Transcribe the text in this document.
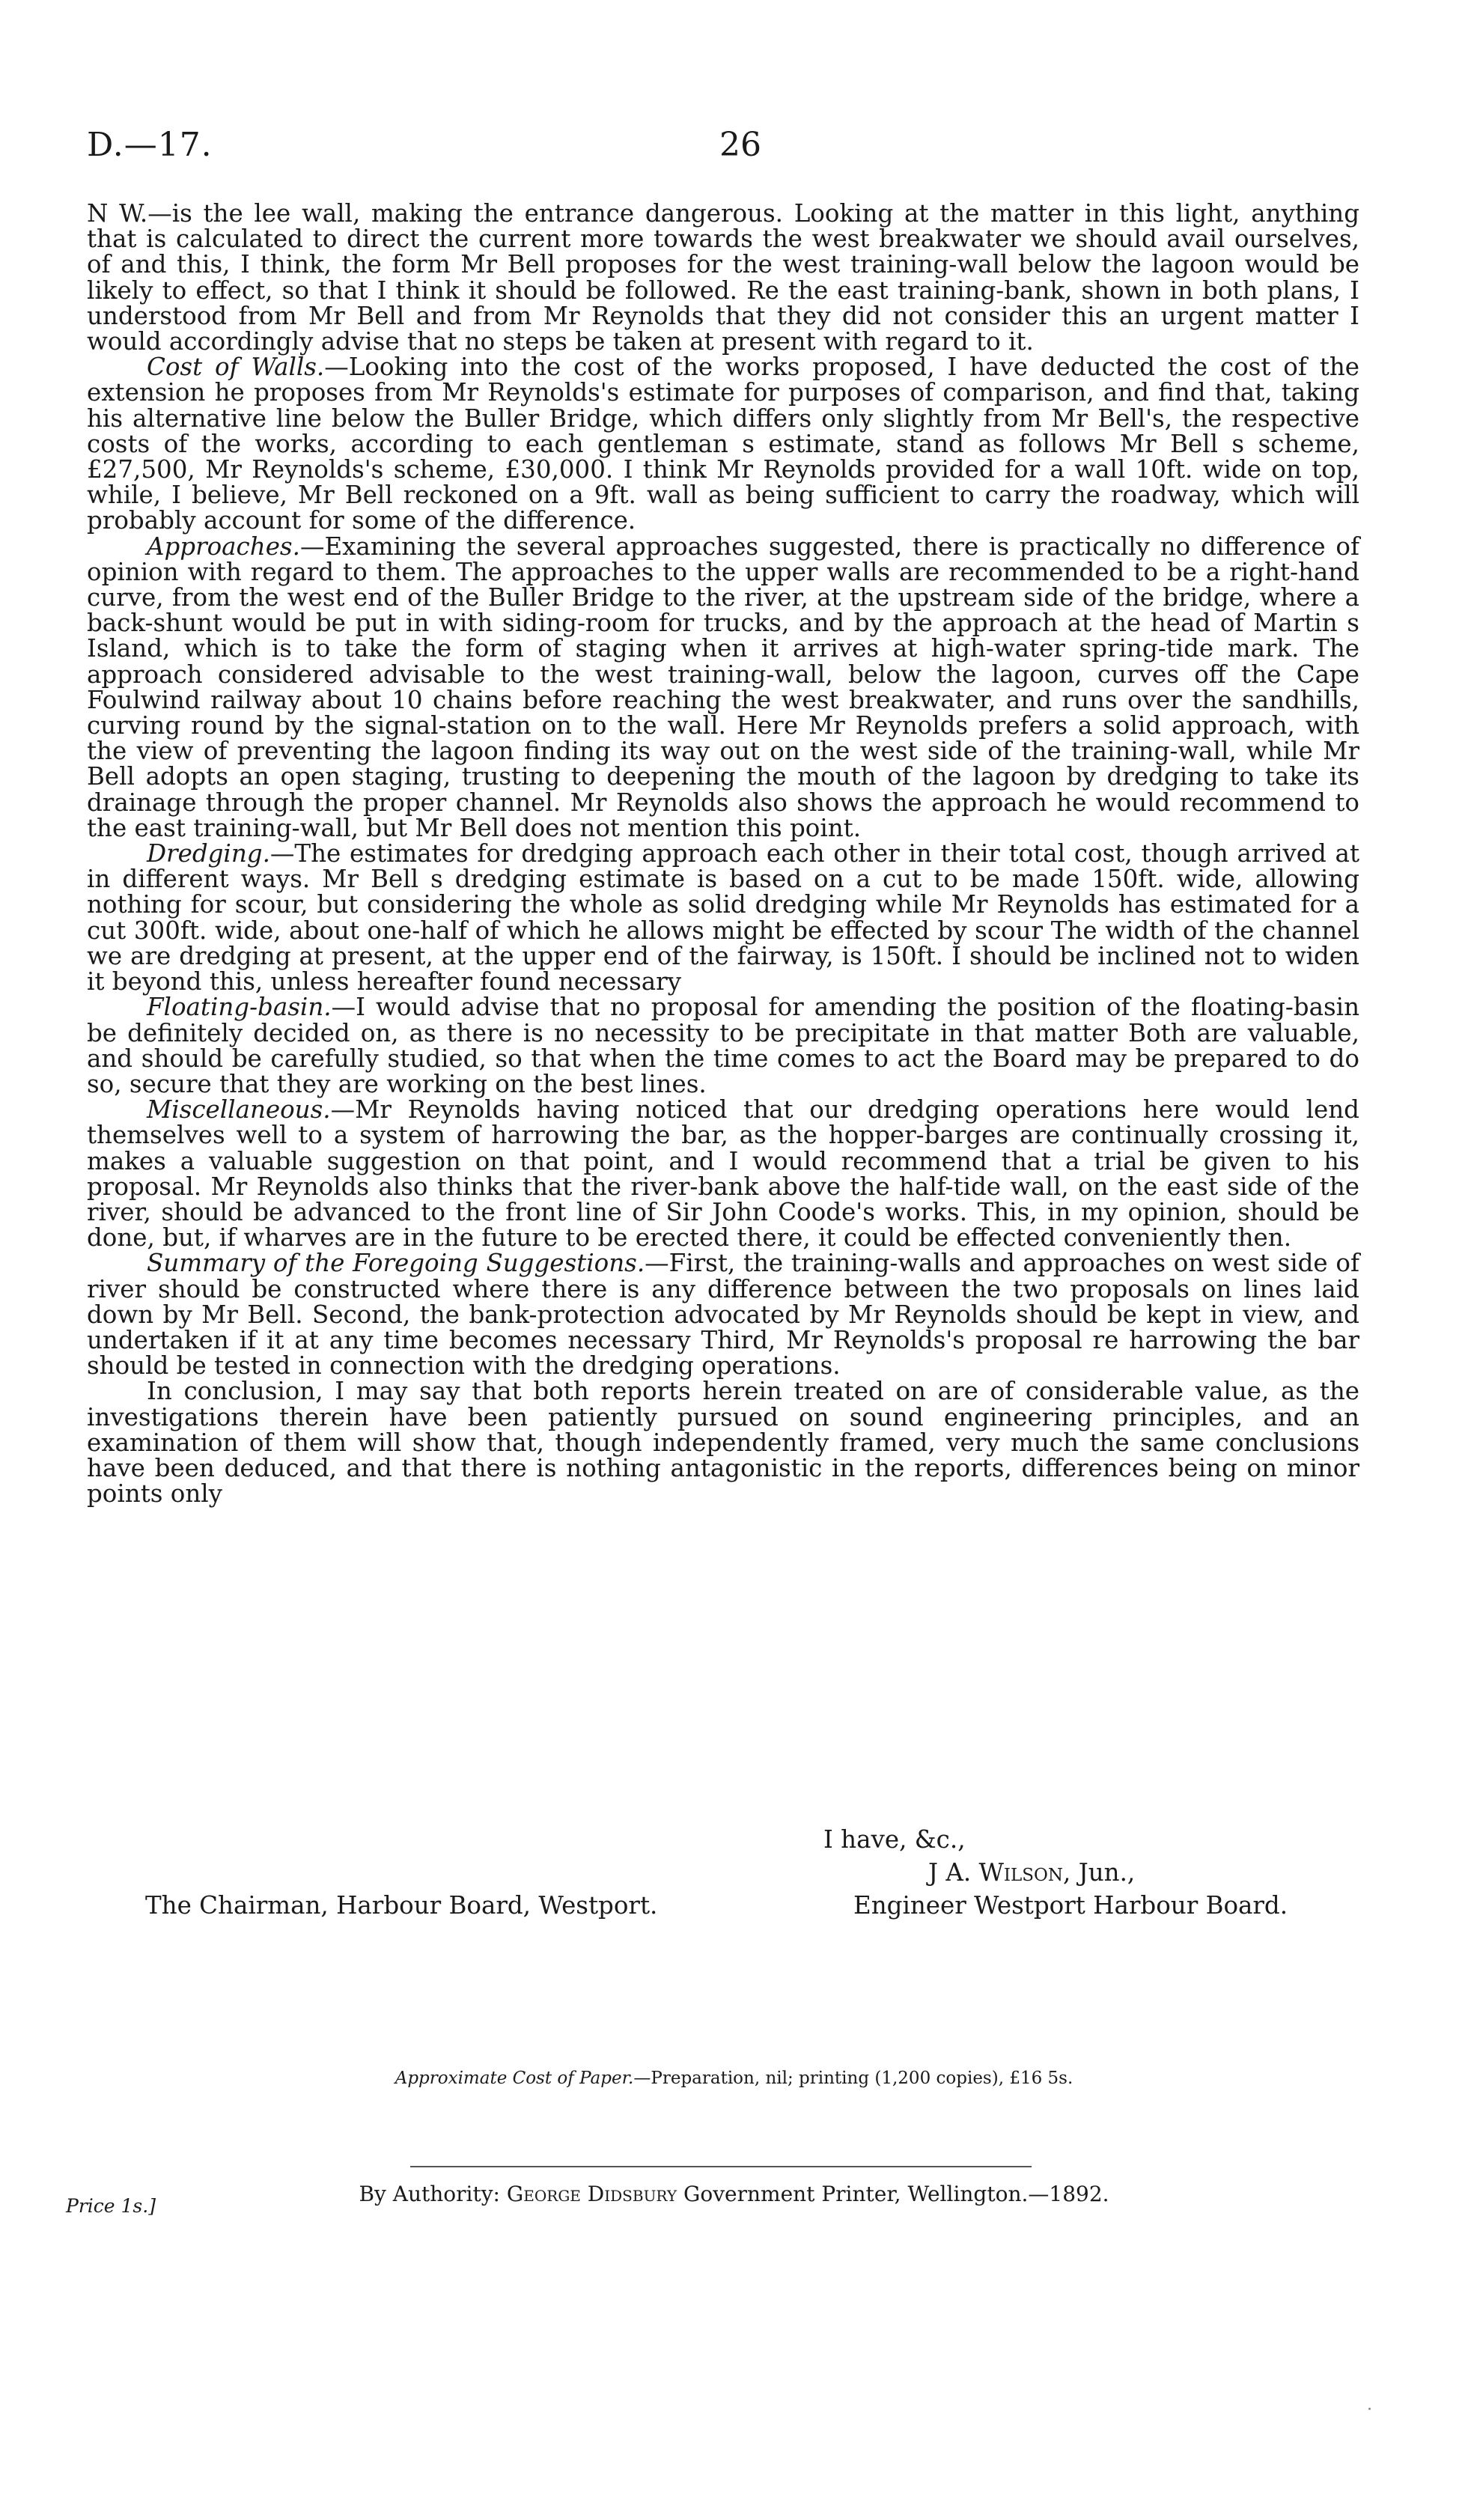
D.—17.	26

N W.—is the lee wall, making the entrance dangerous. Looking at the matter in this light, anything that is calculated to direct the current more towards the west breakwater we should avail ourselves, of and this, I think, the form Mr Bell proposes for the west training-wall below the lagoon would be likely to effect, so that I think it should be followed. Re the east training-bank, shown in both plans, I understood from Mr Bell and from Mr Reynolds that they did not consider this an urgent matter I would accordingly advise that no steps be taken at present with regard to it.

Cost of Walls.—Looking into the cost of the works proposed, I have deducted the cost of the extension he proposes from Mr Reynolds's estimate for purposes of comparison, and find that, taking his alternative line below the Buller Bridge, which differs only slightly from Mr Bell's, the respective costs of the works, according to each gentleman s estimate, stand as follows Mr Bell s scheme, £27,500, Mr Reynolds's scheme, £30,000. I think Mr Reynolds provided for a wall 10ft. wide on top, while, I believe, Mr Bell reckoned on a 9ft. wall as being sufficient to carry the roadway, which will probably account for some of the difference.

Approaches.—Examining the several approaches suggested, there is practically no difference of opinion with regard to them. The approaches to the upper walls are recommended to be a right-hand curve, from the west end of the Buller Bridge to the river, at the upstream side of the bridge, where a back-shunt would be put in with siding-room for trucks, and by the approach at the head of Martin s Island, which is to take the form of staging when it arrives at high-water spring-tide mark. The approach considered advisable to the west training-wall, below the lagoon, curves off the Cape Foulwind railway about 10 chains before reaching the west breakwater, and runs over the sandhills, curving round by the signal-station on to the wall. Here Mr Reynolds prefers a solid approach, with the view of preventing the lagoon finding its way out on the west side of the training-wall, while Mr Bell adopts an open staging, trusting to deepening the mouth of the lagoon by dredging to take its drainage through the proper channel. Mr Reynolds also shows the approach he would recommend to the east training-wall, but Mr Bell does not mention this point.

Dredging.—The estimates for dredging approach each other in their total cost, though arrived at in different ways. Mr Bell s dredging estimate is based on a cut to be made 150ft. wide, allowing nothing for scour, but considering the whole as solid dredging while Mr Reynolds has estimated for a cut 300ft. wide, about one-half of which he allows might be effected by scour The width of the channel we are dredging at present, at the upper end of the fairway, is 150ft. I should be inclined not to widen it beyond this, unless hereafter found necessary

Floating-basin.—I would advise that no proposal for amending the position of the floating-basin be definitely decided on, as there is no necessity to be precipitate in that matter Both are valuable, and should be carefully studied, so that when the time comes to act the Board may be prepared to do so, secure that they are working on the best lines.

Miscellaneous.—Mr Reynolds having noticed that our dredging operations here would lend themselves well to a system of harrowing the bar, as the hopper-barges are continually crossing it, makes a valuable suggestion on that point, and I would recommend that a trial be given to his proposal. Mr Reynolds also thinks that the river-bank above the half-tide wall, on the east side of the river, should be advanced to the front line of Sir John Coode's works. This, in my opinion, should be done, but, if wharves are in the future to be erected there, it could be effected conveniently then.

Summary of the Foregoing Suggestions.—First, the training-walls and approaches on west side of river should be constructed where there is any difference between the two proposals on lines laid down by Mr Bell. Second, the bank-protection advocated by Mr Reynolds should be kept in view, and undertaken if it at any time becomes necessary Third, Mr Reynolds's proposal re harrowing the bar should be tested in connection with the dredging operations.

In conclusion, I may say that both reports herein treated on are of considerable value, as the investigations therein have been patiently pursued on sound engineering principles, and an examination of them will show that, though independently framed, very much the same conclusions have been deduced, and that there is nothing antagonistic in the reports, differences being on minor points only

I have, &c.,
J A. Wilson, Jun.,
The Chairman, Harbour Board, Westport.	Engineer Westport Harbour Board.
Approximate Cost of Paper.—Preparation, nil; printing (1,200 copies), £16 5s.
Price 1s.]	By Authority: George Didsbury Government Printer, Wellington.—1892.
